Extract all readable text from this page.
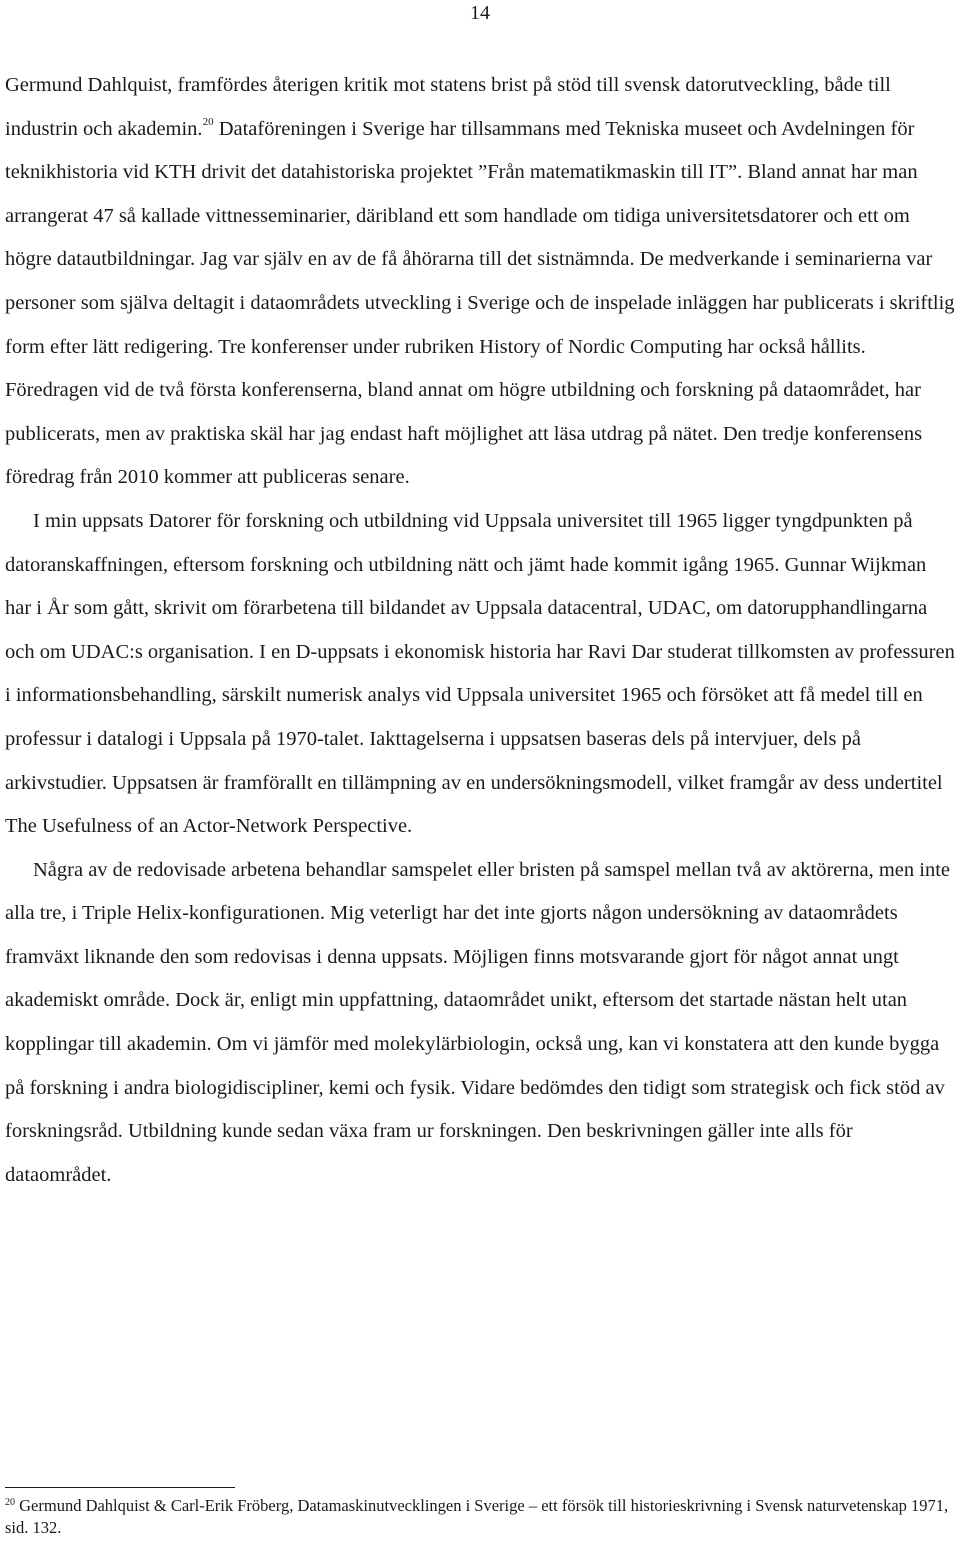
14

Germund Dahlquist, framfördes återigen kritik mot statens brist på stöd till svensk datorutveckling, både till industrin och akademin.$^{20}$ Dataföreningen i Sverige har tillsammans med Tekniska museet och Avdelningen för teknikhistoria vid KTH drivit det datahistoriska projektet ”Från matematikmaskin till IT”. Bland annat har man arrangerat 47 så kallade vittnesseminarier, däribland ett som handlade om tidiga universitetsdatorer och ett om högre datautbildningar. Jag var själv en av de få åhörarna till det sistnämnda. De medverkande i seminarierna var personer som själva deltagit i dataområdets utveckling i Sverige och de inspelade inläggen har publicerats i skriftlig form efter lätt redigering. Tre konferenser under rubriken History of Nordic Computing har också hållits. Föredragen vid de två första konferenserna, bland annat om högre utbildning och forskning på dataområdet, har publicerats, men av praktiska skäl har jag endast haft möjlighet att läsa utdrag på nätet. Den tredje konferensens föredrag från 2010 kommer att publiceras senare.

I min uppsats Datorer för forskning och utbildning vid Uppsala universitet till 1965 ligger tyngdpunkten på datoranskaffningen, eftersom forskning och utbildning nätt och jämt hade kommit igång 1965. Gunnar Wijkman har i År som gått, skrivit om förarbetena till bildandet av Uppsala datacentral, UDAC, om datorupphandlingarna och om UDAC:s organisation. I en D-uppsats i ekonomisk historia har Ravi Dar studerat tillkomsten av professuren i informationsbehandling, särskilt numerisk analys vid Uppsala universitet 1965 och försöket att få medel till en professur i datalogi i Uppsala på 1970-talet. Iakttagelserna i uppsatsen baseras dels på intervjuer, dels på arkivstudier. Uppsatsen är framförallt en tillämpning av en undersökningsmodell, vilket framgår av dess undertitel The Usefulness of an Actor-Network Perspective.

Några av de redovisade arbetena behandlar samspelet eller bristen på samspel mellan två av aktörerna, men inte alla tre, i Triple Helix-konfigurationen. Mig veterligt har det inte gjorts någon undersökning av dataområdets framväxt liknande den som redovisas i denna uppsats. Möjligen finns motsvarande gjort för något annat ungt akademiskt område. Dock är, enligt min uppfattning, dataområdet unikt, eftersom det startade nästan helt utan kopplingar till akademin. Om vi jämför med molekylärbiologin, också ung, kan vi konstatera att den kunde bygga på forskning i andra biologidiscipliner, kemi och fysik. Vidare bedömdes den tidigt som strategisk och fick stöd av forskningsråd. Utbildning kunde sedan växa fram ur forskningen. Den beskrivningen gäller inte alls för dataområdet.

$^{20}$ Germund Dahlquist & Carl-Erik Fröberg, Datamaskinutvecklingen i Sverige – ett försök till historieskrivning i Svensk naturvetenskap 1971, sid. 132.
